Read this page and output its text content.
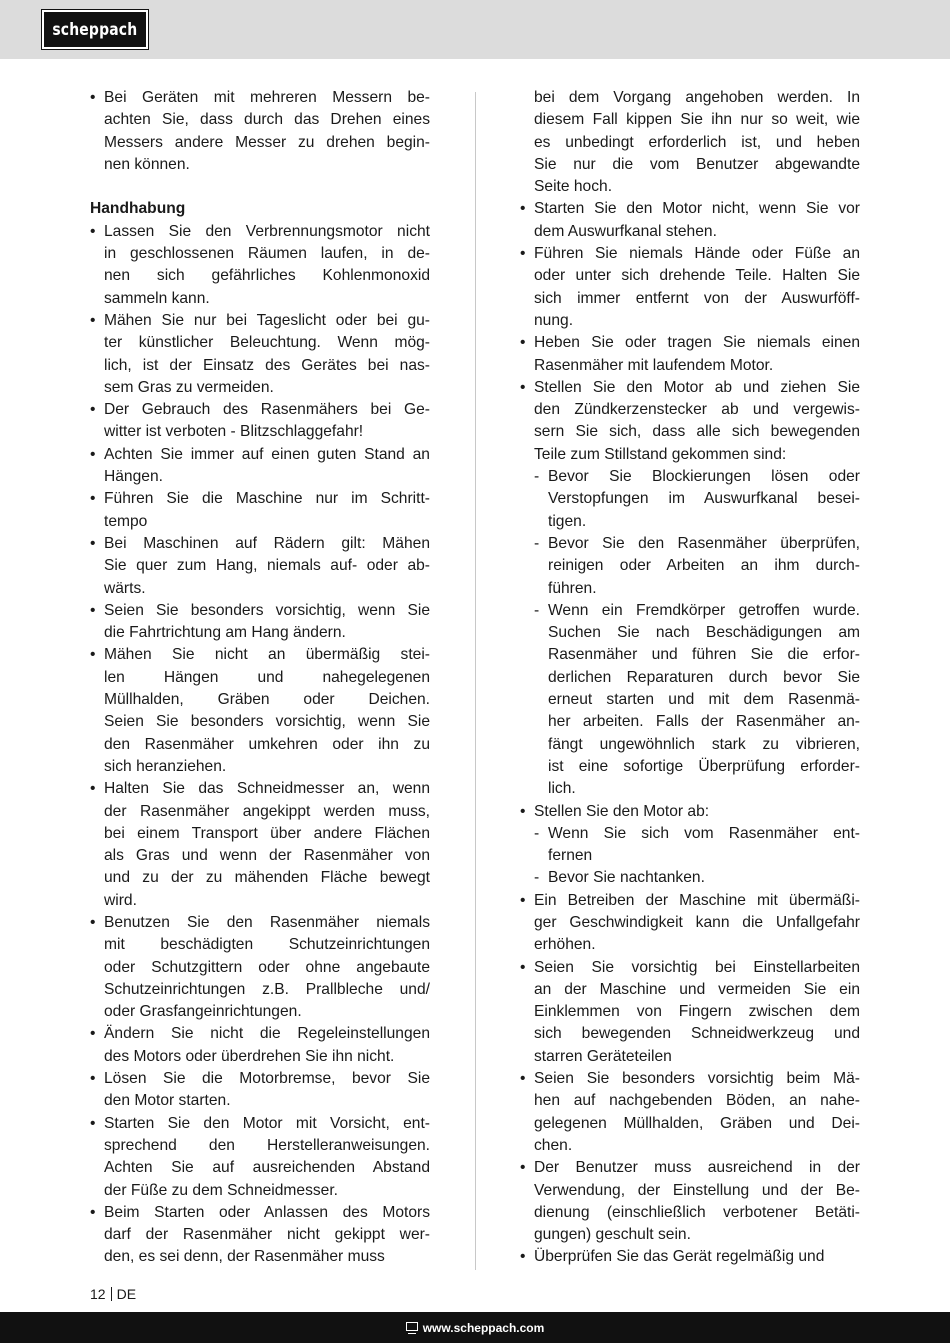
scheppach
• Bei Geräten mit mehreren Messern be-
achten Sie, dass durch das Drehen eines
Messers andere Messer zu drehen begin-
nen können.
Handhabung
• Lassen Sie den Verbrennungsmotor nicht
in geschlossenen Räumen laufen, in de-
nen sich gefährliches Kohlenmonoxid
sammeln kann.
• Mähen Sie nur bei Tageslicht oder bei gu-
ter künstlicher Beleuchtung. Wenn mög-
lich, ist der Einsatz des Gerätes bei nas-
sem Gras zu vermeiden.
• Der Gebrauch des Rasenmähers bei Ge-
witter ist verboten - Blitzschlaggefahr!
• Achten Sie immer auf einen guten Stand an
Hängen.
• Führen Sie die Maschine nur im Schritt-
tempo
• Bei Maschinen auf Rädern gilt: Mähen
Sie quer zum Hang, niemals auf- oder ab-
wärts.
• Seien Sie besonders vorsichtig, wenn Sie
die Fahrtrichtung am Hang ändern.
• Mähen Sie nicht an übermäßig stei-
len Hängen und nahegelegenen
Müllhalden, Gräben oder Deichen.
Seien Sie besonders vorsichtig, wenn Sie
den Rasenmäher umkehren oder ihn zu
sich heranziehen.
• Halten Sie das Schneidmesser an, wenn
der Rasenmäher angekippt werden muss,
bei einem Transport über andere Flächen
als Gras und wenn der Rasenmäher von
und zu der zu mähenden Fläche bewegt
wird.
• Benutzen Sie den Rasenmäher niemals
mit beschädigten Schutzeinrichtungen
oder Schutzgittern oder ohne angebaute
Schutzeinrichtungen z.B. Prallbleche und/
oder Grasfangeinrichtungen.
• Ändern Sie nicht die Regeleinstellungen
des Motors oder überdrehen Sie ihn nicht.
• Lösen Sie die Motorbremse, bevor Sie
den Motor starten.
• Starten Sie den Motor mit Vorsicht, ent-
sprechend den Herstelleranweisungen.
Achten Sie auf ausreichenden Abstand
der Füße zu dem Schneidmesser.
• Beim Starten oder Anlassen des Motors
darf der Rasenmäher nicht gekippt wer-
den, es sei denn, der Rasenmäher muss
bei dem Vorgang angehoben werden. In
diesem Fall kippen Sie ihn nur so weit, wie
es unbedingt erforderlich ist, und heben
Sie nur die vom Benutzer abgewandte
Seite hoch.
• Starten Sie den Motor nicht, wenn Sie vor
dem Auswurfkanal stehen.
• Führen Sie niemals Hände oder Füße an
oder unter sich drehende Teile. Halten Sie
sich immer entfernt von der Auswurföff-
nung.
• Heben Sie oder tragen Sie niemals einen
Rasenmäher mit laufendem Motor.
• Stellen Sie den Motor ab und ziehen Sie
den Zündkerzenstecker ab und vergewis-
sern Sie sich, dass alle sich bewegenden
Teile zum Stillstand gekommen sind:
- Bevor Sie Blockierungen lösen oder
Verstopfungen im Auswurfkanal besei-
tigen.
- Bevor Sie den Rasenmäher überprüfen,
reinigen oder Arbeiten an ihm durch-
führen.
- Wenn ein Fremdkörper getroffen wurde.
Suchen Sie nach Beschädigungen am
Rasenmäher und führen Sie die erfor-
derlichen Reparaturen durch bevor Sie
erneut starten und mit dem Rasenmä-
her arbeiten. Falls der Rasenmäher an-
fängt ungewöhnlich stark zu vibrieren,
ist eine sofortige Überprüfung erforder-
lich.
• Stellen Sie den Motor ab:
- Wenn Sie sich vom Rasenmäher ent-
fernen
- Bevor Sie nachtanken.
• Ein Betreiben der Maschine mit übermäßi-
ger Geschwindigkeit kann die Unfallgefahr
erhöhen.
• Seien Sie vorsichtig bei Einstellarbeiten
an der Maschine und vermeiden Sie ein
Einklemmen von Fingern zwischen dem
sich bewegenden Schneidwerkzeug und
starren Geräteteilen
• Seien Sie besonders vorsichtig beim Mä-
hen auf nachgebenden Böden, an nahe-
gelegenen Müllhalden, Gräben und Dei-
chen.
• Der Benutzer muss ausreichend in der
Verwendung, der Einstellung und der Be-
dienung (einschließlich verbotener Betäti-
gungen) geschult sein.
• Überprüfen Sie das Gerät regelmäßig und
12 DE
www.scheppach.com
